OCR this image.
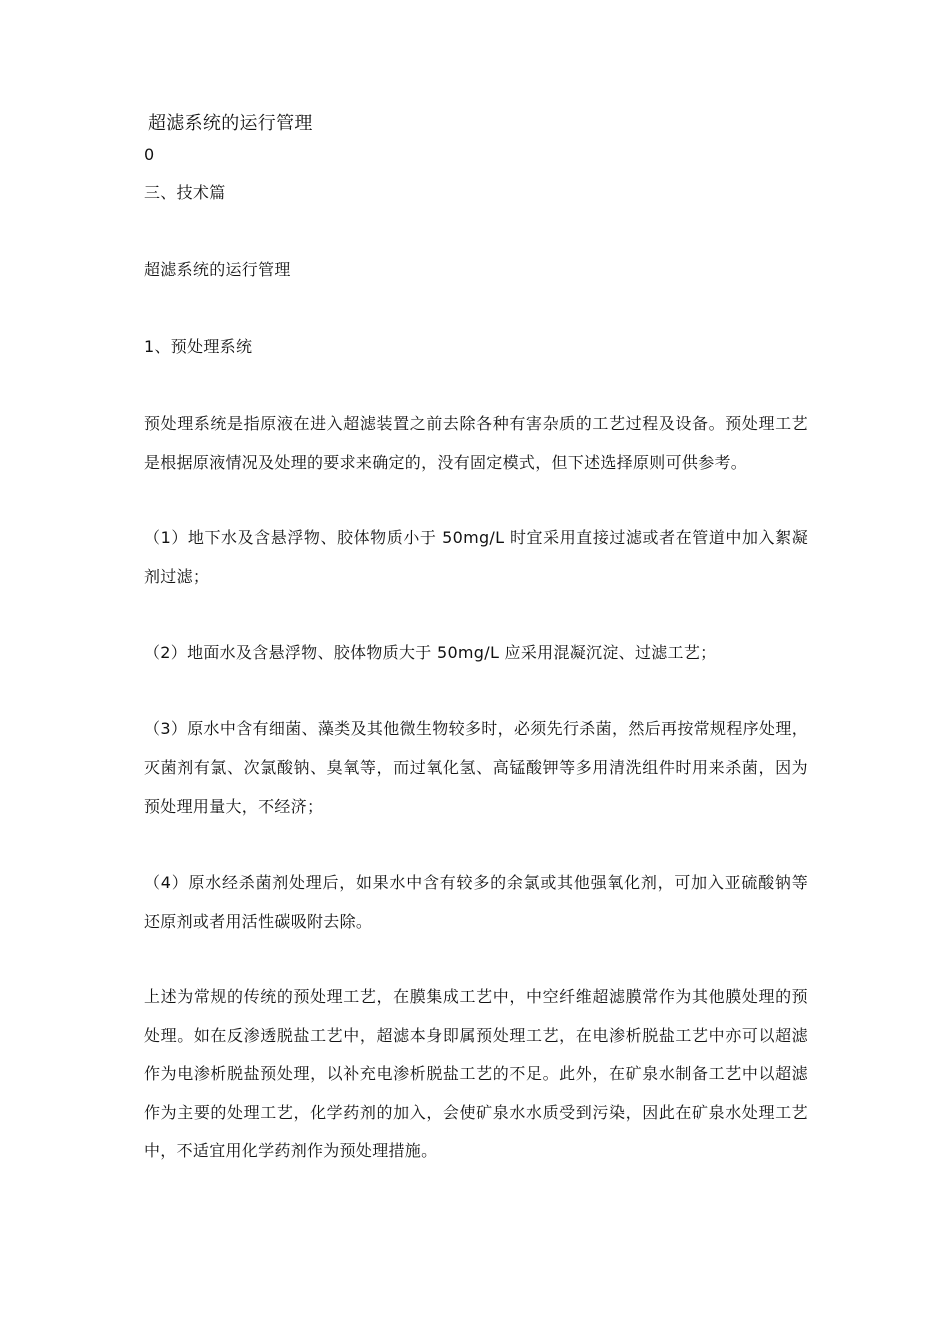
超滤系统的运行管理
0
三、技术篇
超滤系统的运行管理
1、预处理系统
预处理系统是指原液在进入超滤装置之前去除各种有害杂质的工艺过程及设备。预处理工艺
是根据原液情况及处理的要求来确定的，没有固定模式，但下述选择原则可供参考。
（1）地下水及含悬浮物、胶体物质小于 50mg/L 时宜采用直接过滤或者在管道中加入絮凝
剂过滤；
（2）地面水及含悬浮物、胶体物质大于 50mg/L 应采用混凝沉淀、过滤工艺；
（3）原水中含有细菌、藻类及其他微生物较多时，必须先行杀菌，然后再按常规程序处理，
灭菌剂有氯、次氯酸钠、臭氧等，而过氧化氢、高锰酸钾等多用清洗组件时用来杀菌，因为
预处理用量大，不经济；
（4）原水经杀菌剂处理后，如果水中含有较多的余氯或其他强氧化剂，可加入亚硫酸钠等
还原剂或者用活性碳吸附去除。
上述为常规的传统的预处理工艺，在膜集成工艺中，中空纤维超滤膜常作为其他膜处理的预
处理。如在反渗透脱盐工艺中，超滤本身即属预处理工艺，在电渗析脱盐工艺中亦可以超滤
作为电渗析脱盐预处理，以补充电渗析脱盐工艺的不足。此外，在矿泉水制备工艺中以超滤
作为主要的处理工艺，化学药剂的加入，会使矿泉水水质受到污染，因此在矿泉水处理工艺
中，不适宜用化学药剂作为预处理措施。
